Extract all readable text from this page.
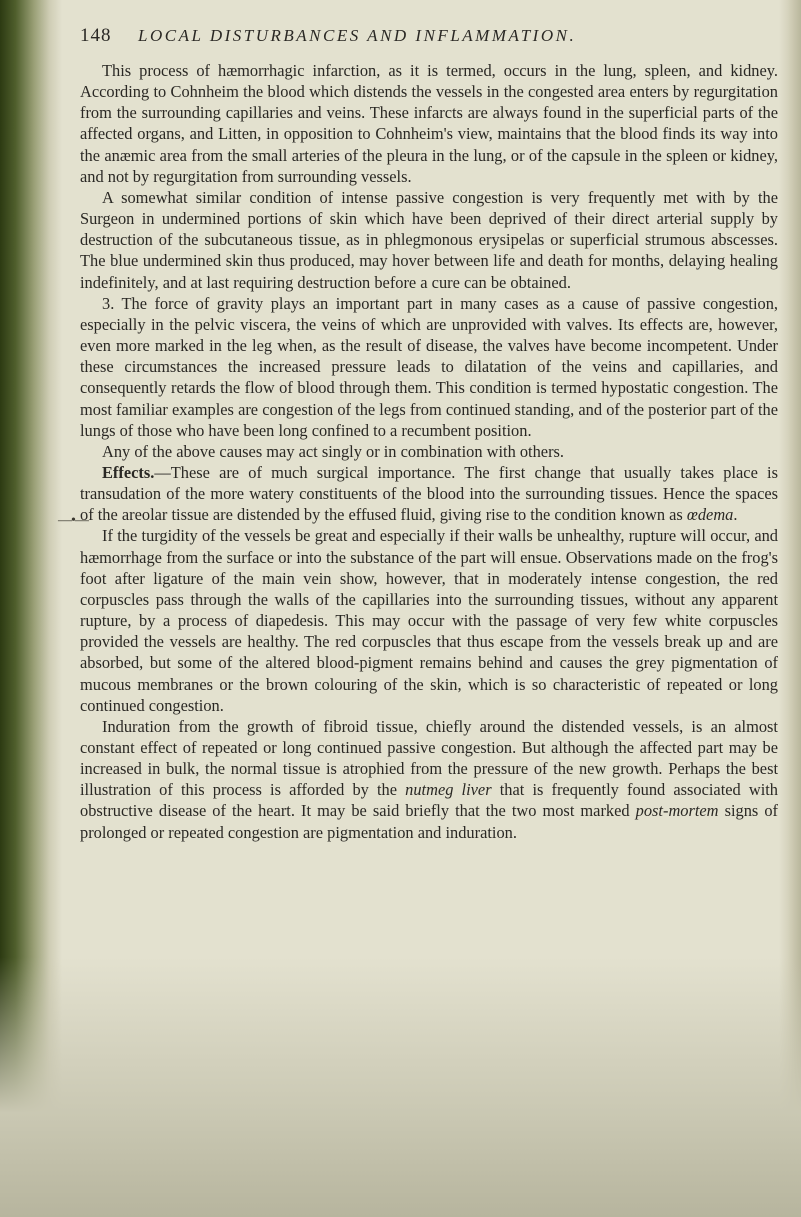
—•—
148	LOCAL DISTURBANCES AND INFLAMMATION.

This process of hæmorrhagic infarction, as it is termed, occurs in the lung, spleen, and kidney. According to Cohnheim the blood which distends the vessels in the congested area enters by regurgitation from the surrounding capillaries and veins. These infarcts are always found in the superficial parts of the affected organs, and Litten, in opposition to Cohnheim's view, maintains that the blood finds its way into the anæmic area from the small arteries of the pleura in the lung, or of the capsule in the spleen or kidney, and not by regurgitation from surrounding vessels.

A somewhat similar condition of intense passive congestion is very frequently met with by the Surgeon in undermined portions of skin which have been deprived of their direct arterial supply by destruction of the subcutaneous tissue, as in phlegmonous erysipelas or superficial strumous abscesses. The blue undermined skin thus produced, may hover between life and death for months, delaying healing indefinitely, and at last requiring destruction before a cure can be obtained.

3. The force of gravity plays an important part in many cases as a cause of passive congestion, especially in the pelvic viscera, the veins of which are unprovided with valves. Its effects are, however, even more marked in the leg when, as the result of disease, the valves have become incompetent. Under these circumstances the increased pressure leads to dilatation of the veins and capillaries, and consequently retards the flow of blood through them. This condition is termed hypostatic congestion. The most familiar examples are congestion of the legs from continued standing, and of the posterior part of the lungs of those who have been long confined to a recumbent position.

Any of the above causes may act singly or in combination with others.

Effects.—These are of much surgical importance. The first change that usually takes place is transudation of the more watery constituents of the blood into the surrounding tissues. Hence the spaces of the areolar tissue are distended by the effused fluid, giving rise to the condition known as œdema.

If the turgidity of the vessels be great and especially if their walls be unhealthy, rupture will occur, and hæmorrhage from the surface or into the substance of the part will ensue. Observations made on the frog's foot after ligature of the main vein show, however, that in moderately intense congestion, the red corpuscles pass through the walls of the capillaries into the surrounding tissues, without any apparent rupture, by a process of diapedesis. This may occur with the passage of very few white corpuscles provided the vessels are healthy. The red corpuscles that thus escape from the vessels break up and are absorbed, but some of the altered blood-pigment remains behind and causes the grey pigmentation of mucous membranes or the brown colouring of the skin, which is so characteristic of repeated or long continued congestion.

Induration from the growth of fibroid tissue, chiefly around the distended vessels, is an almost constant effect of repeated or long continued passive congestion. But although the affected part may be increased in bulk, the normal tissue is atrophied from the pressure of the new growth. Perhaps the best illustration of this process is afforded by the nutmeg liver that is frequently found associated with obstructive disease of the heart. It may be said briefly that the two most marked post-mortem signs of prolonged or repeated congestion are pigmentation and induration.
